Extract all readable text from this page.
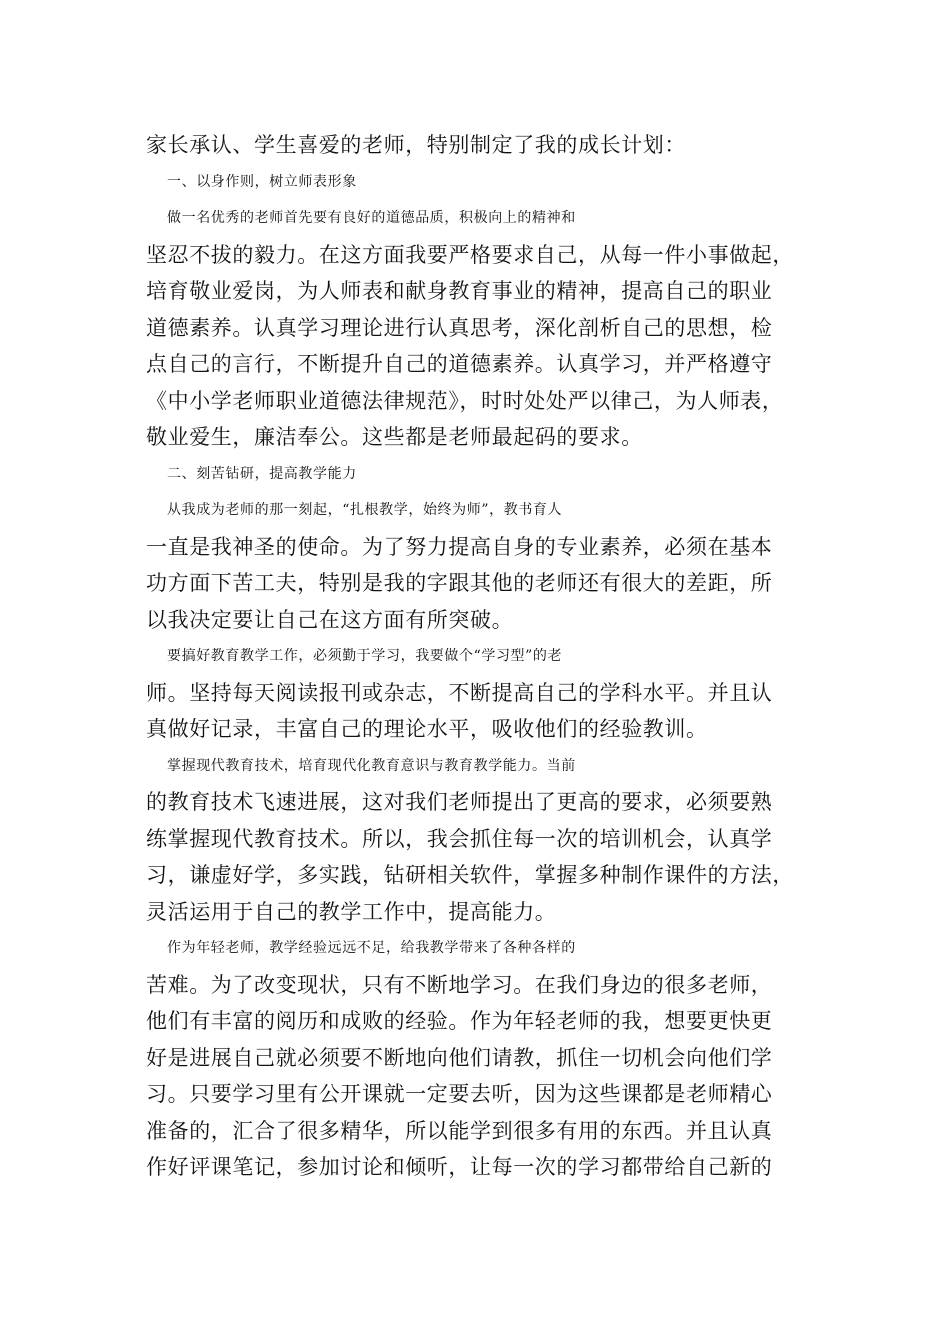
家长承认、学生喜爱的老师，特别制定了我的成长计划：
一、以身作则，树立师表形象
做一名优秀的老师首先要有良好的道德品质，积极向上的精神和
坚忍不拔的毅力。在这方面我要严格要求自己，从每一件小事做起，
培育敬业爱岗，为人师表和献身教育事业的精神，提高自己的职业
道德素养。认真学习理论进行认真思考，深化剖析自己的思想，检
点自己的言行，不断提升自己的道德素养。认真学习，并严格遵守
《中小学老师职业道德法律规范》，时时处处严以律己，为人师表，
敬业爱生，廉洁奉公。这些都是老师最起码的要求。
二、刻苦钻研，提高教学能力
从我成为老师的那一刻起，“扎根教学，始终为师”，教书育人
一直是我神圣的使命。为了努力提高自身的专业素养，必须在基本
功方面下苦工夫，特别是我的字跟其他的老师还有很大的差距，所
以我决定要让自己在这方面有所突破。
要搞好教育教学工作，必须勤于学习，我要做个“学习型”的老
师。坚持每天阅读报刊或杂志，不断提高自己的学科水平。并且认
真做好记录，丰富自己的理论水平，吸收他们的经验教训。
掌握现代教育技术，培育现代化教育意识与教育教学能力。当前
的教育技术飞速进展，这对我们老师提出了更高的要求，必须要熟
练掌握现代教育技术。所以，我会抓住每一次的培训机会，认真学
习，谦虚好学，多实践，钻研相关软件，掌握多种制作课件的方法，
灵活运用于自己的教学工作中，提高能力。
作为年轻老师，教学经验远远不足，给我教学带来了各种各样的
苦难。为了改变现状，只有不断地学习。在我们身边的很多老师，
他们有丰富的阅历和成败的经验。作为年轻老师的我，想要更快更
好是进展自己就必须要不断地向他们请教，抓住一切机会向他们学
习。只要学习里有公开课就一定要去听，因为这些课都是老师精心
准备的，汇合了很多精华，所以能学到很多有用的东西。并且认真
作好评课笔记，参加讨论和倾听，让每一次的学习都带给自己新的
